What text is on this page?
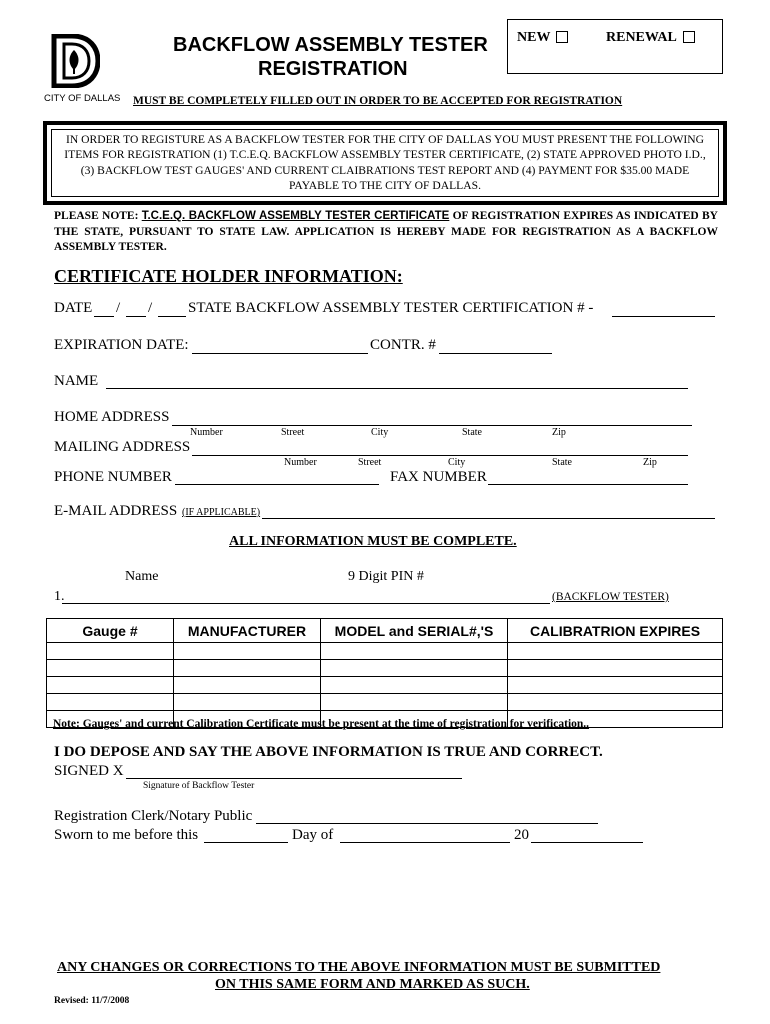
CITY OF DALLAS
BACKFLOW ASSEMBLY TESTER
REGISTRATION
NEW	RENEWAL
MUST BE COMPLETELY FILLED OUT IN ORDER TO BE ACCEPTED FOR REGISTRATION
IN ORDER TO REGISTURE AS A BACKFLOW TESTER FOR THE CITY OF DALLAS YOU MUST PRESENT THE FOLLOWING ITEMS FOR REGISTRATION (1) T.C.E.Q. BACKFLOW ASSEMBLY TESTER CERTIFICATE, (2) STATE APPROVED PHOTO I.D., (3) BACKFLOW TEST GAUGES' AND CURRENT CLAIBRATIONS TEST REPORT AND (4) PAYMENT FOR $35.00 MADE PAYABLE TO THE CITY OF DALLAS.
PLEASE NOTE: T.C.E.Q. BACKFLOW ASSEMBLY TESTER CERTIFICATE OF REGISTRATION EXPIRES AS INDICATED BY THE STATE, PURSUANT TO STATE LAW. APPLICATION IS HEREBY MADE FOR REGISTRATION AS A BACKFLOW ASSEMBLY TESTER.
CERTIFICATE HOLDER INFORMATION:
DATE / / STATE BACKFLOW ASSEMBLY TESTER CERTIFICATION # -
EXPIRATION DATE:	CONTR. #
NAME
HOME ADDRESS
Number	Street	City	State	Zip
MAILING ADDRESS
Number	Street	City	State	Zip
PHONE NUMBER	FAX NUMBER
E-MAIL ADDRESS (IF APPLICABLE)
ALL INFORMATION MUST BE COMPLETE.
Name	9 Digit PIN #
1.	(BACKFLOW TESTER)
Gauge #	MANUFACTURER	MODEL and SERIAL#,'S	CALIBRATRION EXPIRES

Note: Gauges' and current Calibration Certificate must be present at the time of registration for verification..
I DO DEPOSE AND SAY THE ABOVE INFORMATION IS TRUE AND CORRECT.
SIGNED X
Signature of Backflow Tester
Registration Clerk/Notary Public
Sworn to me before this	Day of	20
ANY CHANGES OR CORRECTIONS TO THE ABOVE INFORMATION MUST BE SUBMITTED
ON THIS SAME FORM AND MARKED AS SUCH.
Revised: 11/7/2008
